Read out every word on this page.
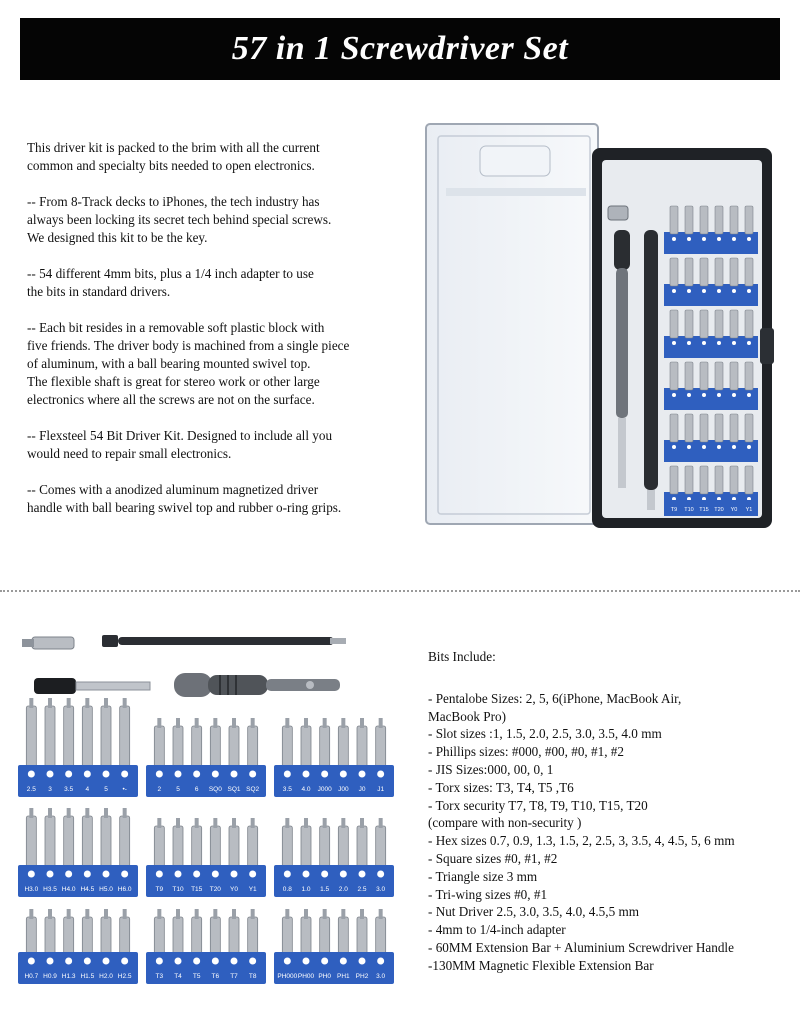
57 in 1 Screwdriver Set

This driver kit is packed to the brim with all the current
common and specialty bits needed to open electronics.

-- From 8-Track decks to iPhones, the tech industry has
always been locking its secret tech behind special screws.
We designed this kit to be the key.

-- 54 different 4mm bits, plus a 1/4 inch adapter to use
the bits in standard drivers.

-- Each bit resides in a removable soft plastic block with
five friends. The driver body is machined from a single piece
of aluminum, with a ball bearing mounted swivel top.
The flexible shaft is great for stereo work or other large
electronics where all the screws are not on the surface.

-- Flexsteel 54 Bit Driver Kit. Designed to include all you
would need to repair small electronics.

-- Comes with a anodized aluminum magnetized driver
handle with ball bearing swivel top and rubber o-ring grips.	T9 T10 T15 T20 Y0 Y1
2.5 3 3.5 4 5 •-	2 5 6 SQ0 SQ1 SQ2	3.5 4.0 J000 J00 J0 J1
H3.0 H3.5 H4.0 H4.5 H5.0 H6.0	T9 T10 T15 T20 Y0 Y1	0.8 1.0 1.5 2.0 2.5 3.0
H0.7 H0.9 H1.3 H1.5 H2.0 H2.5	T3 T4 T5 T6 T7 T8	PH000 PH00 PH0 PH1 PH2 3.0
Bits Include:
- Pentalobe Sizes: 2, 5, 6(iPhone, MacBook Air,
MacBook Pro)
- Slot sizes :1, 1.5, 2.0, 2.5, 3.0, 3.5, 4.0 mm
- Phillips sizes: #000, #00, #0, #1, #2
- JIS Sizes:000, 00, 0, 1
- Torx sizes: T3, T4, T5 ,T6
- Torx security T7, T8, T9, T10, T15, T20
(compare with non-security )
- Hex sizes 0.7, 0.9, 1.3, 1.5, 2, 2.5, 3, 3.5, 4, 4.5, 5, 6 mm
- Square sizes #0, #1, #2
- Triangle size 3 mm
- Tri-wing sizes #0, #1
- Nut Driver 2.5, 3.0, 3.5, 4.0, 4.5,5 mm
- 4mm to 1/4-inch adapter
- 60MM Extension Bar + Aluminium Screwdriver Handle
-130MM Magnetic Flexible Extension Bar
